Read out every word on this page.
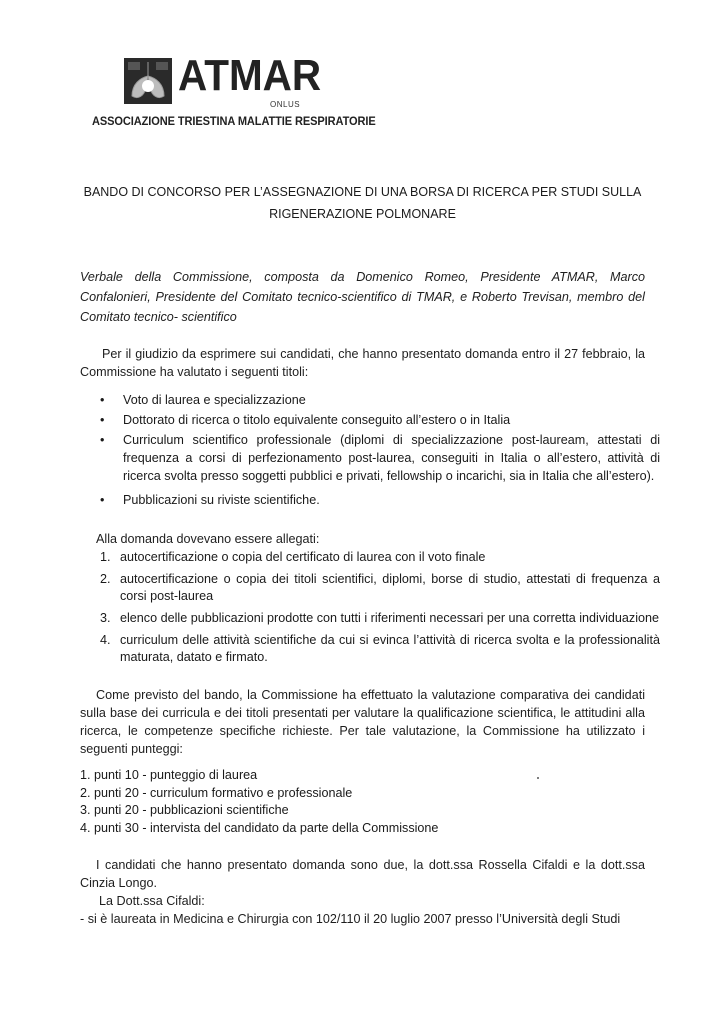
ATMAR
ONLUS
ASSOCIAZIONE TRIESTINA MALATTIE RESPIRATORIE
BANDO DI CONCORSO PER L’ASSEGNAZIONE DI UNA BORSA DI RICERCA PER STUDI SULLA
RIGENERAZIONE POLMONARE
Verbale della Commissione, composta da Domenico Romeo, Presidente ATMAR, Marco Confalonieri, Presidente del Comitato tecnico-scientifico di TMAR, e Roberto Trevisan, membro del Comitato tecnico- scientifico
Per il giudizio da esprimere sui candidati, che hanno presentato domanda entro il 27 febbraio, la Commissione ha valutato i seguenti titoli:
• Voto di laurea e specializzazione
• Dottorato di ricerca o titolo equivalente conseguito all’estero o in Italia
• Curriculum scientifico professionale (diplomi di specializzazione post-lauream, attestati di frequenza a corsi di perfezionamento post-laurea, conseguiti in Italia o all’estero, attività di ricerca svolta presso soggetti pubblici e privati, fellowship o incarichi, sia in Italia che all’estero).
• Pubblicazioni su riviste scientifiche.
Alla domanda dovevano essere allegati:
1. autocertificazione o copia del certificato di laurea con il voto finale
2. autocertificazione o copia dei titoli scientifici, diplomi, borse di studio, attestati di frequenza a corsi post-laurea
3. elenco delle pubblicazioni prodotte con tutti i riferimenti necessari per una corretta individuazione
4. curriculum delle attività scientifiche da cui si evinca l’attività di ricerca svolta e la professionalità maturata, datato e firmato.
Come previsto del bando, la Commissione ha effettuato la valutazione comparativa dei candidati sulla base dei curricula e dei titoli presentati per valutare la qualificazione scientifica, le attitudini alla ricerca, le competenze specifiche richieste. Per tale valutazione, la Commissione ha utilizzato i seguenti punteggi:
1. punti 10 - punteggio di laurea
2. punti 20 - curriculum formativo e professionale
3. punti 20 - pubblicazioni scientifiche
4. punti 30 - intervista del candidato da parte della Commissione
I candidati che hanno presentato domanda sono due, la dott.ssa Rossella Cifaldi e la dott.ssa Cinzia Longo.
La Dott.ssa Cifaldi:
- si è laureata in Medicina e Chirurgia con 102/110 il 20 luglio 2007 presso l’Università degli Studi
